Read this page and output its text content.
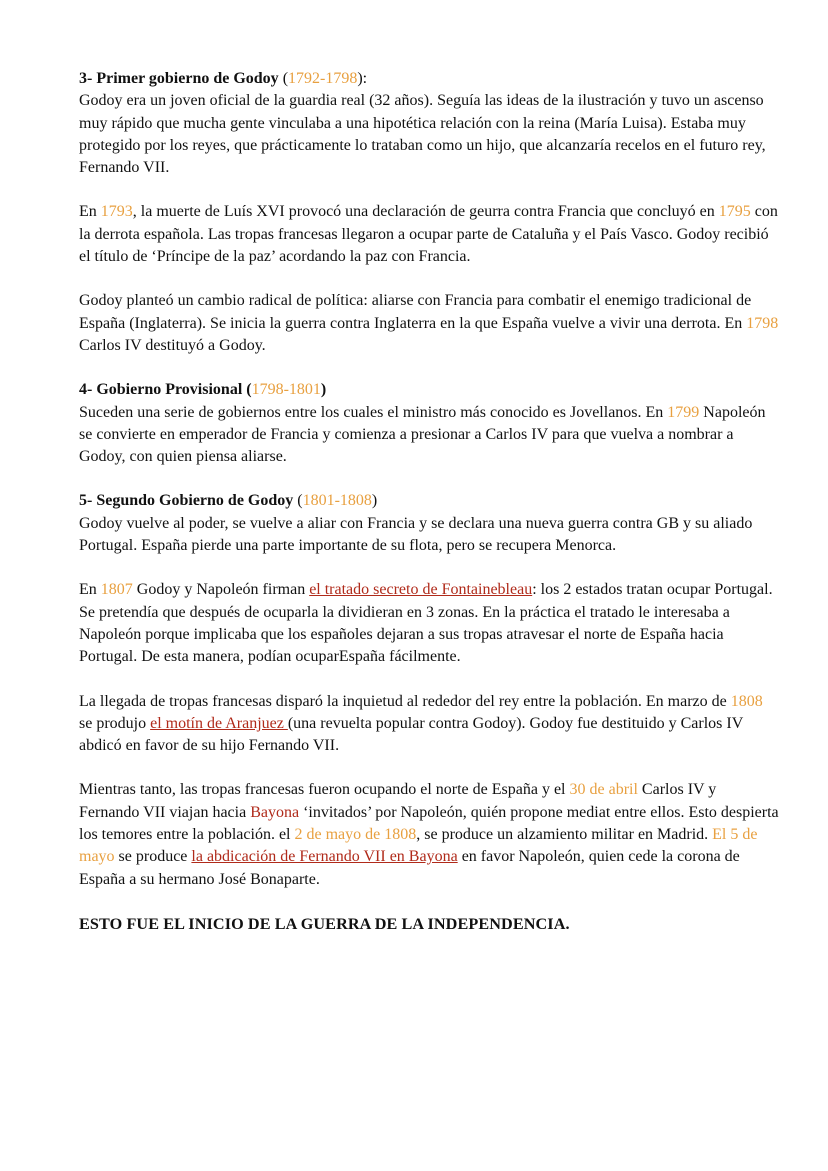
3- Primer gobierno de Godoy (1792-1798):
Godoy era un joven oficial de la guardia real (32 años). Seguía las ideas de la ilustración y tuvo un ascenso muy rápido que mucha gente vinculaba a una hipotética relación con la reina (María Luisa). Estaba muy protegido por los reyes, que prácticamente lo trataban como un hijo, que alcanzaría recelos en el futuro rey, Fernando VII.

En 1793, la muerte de Luís XVI provocó una declaración de geurra contra Francia que concluyó en 1795 con la derrota española. Las tropas francesas llegaron a ocupar parte de Cataluña y el País Vasco. Godoy recibió el título de ‘Príncipe de la paz’ acordando la paz con Francia.

Godoy planteó un cambio radical de política: aliarse con Francia para combatir el enemigo tradicional de España (Inglaterra). Se inicia la guerra contra Inglaterra en la que España vuelve a vivir una derrota. En 1798 Carlos IV destituyó a Godoy.

4- Gobierno Provisional (1798-1801)
Suceden una serie de gobiernos entre los cuales el ministro más conocido es Jovellanos. En 1799 Napoleón se convierte en emperador de Francia y comienza a presionar a Carlos IV para que vuelva a nombrar a Godoy, con quien piensa aliarse.

5- Segundo Gobierno de Godoy (1801-1808)
Godoy vuelve al poder, se vuelve a aliar con Francia y se declara una nueva guerra contra GB y su aliado Portugal. España pierde una parte importante de su flota, pero se recupera Menorca.

En 1807 Godoy y Napoleón firman el tratado secreto de Fontainebleau: los 2 estados tratan ocupar Portugal. Se pretendía que después de ocuparla la dividieran en 3 zonas. En la práctica el tratado le interesaba a Napoleón porque implicaba que los españoles dejaran a sus tropas atravesar el norte de España hacia Portugal. De esta manera, podían ocuparEspaña fácilmente.

La llegada de tropas francesas disparó la inquietud al rededor del rey entre la población. En marzo de 1808 se produjo el motín de Aranjuez (una revuelta popular contra Godoy). Godoy fue destituido y Carlos IV abdicó en favor de su hijo Fernando VII.

Mientras tanto, las tropas francesas fueron ocupando el norte de España y el 30 de abril Carlos IV y Fernando VII viajan hacia Bayona ‘invitados’ por Napoleón, quién propone mediat entre ellos. Esto despierta los temores entre la población. el 2 de mayo de 1808, se produce un alzamiento militar en Madrid. El 5 de mayo se produce la abdicación de Fernando VII en Bayona en favor Napoleón, quien cede la corona de España a su hermano José Bonaparte.

ESTO FUE EL INICIO DE LA GUERRA DE LA INDEPENDENCIA.
